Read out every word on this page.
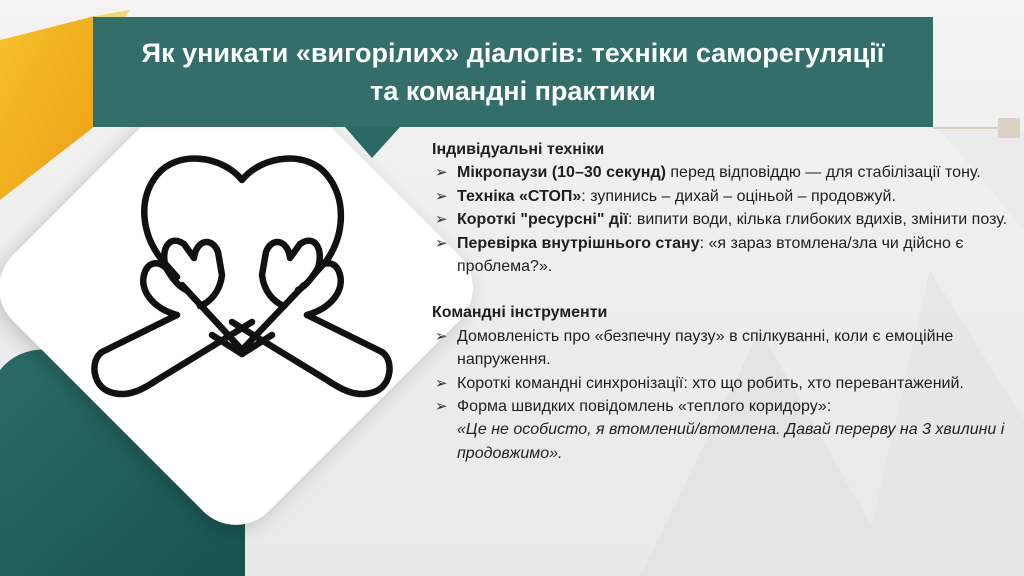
Як уникати «вигорілих» діалогів: техніки саморегуляції
та командні практики
Індивідуальні техніки
➢ Мікропаузи (10–30 секунд) перед відповіддю — для стабілізації тону.
➢ Техніка «СТОП»: зупинись – дихай – оціньой – продовжуй.
➢ Короткі "ресурсні" дії: випити води, кілька глибоких вдихів, змінити позу.
➢ Перевірка внутрішнього стану: «я зараз втомлена/зла чи дійсно є проблема?».
Командні інструменти
➢ Домовленість про «безпечну паузу» в спілкуванні, коли є емоційне напруження.
➢ Короткі командні синхронізації: хто що робить, хто перевантажений.
➢ Форма швидких повідомлень «теплого коридору»:
«Це не особисто, я втомлений/втомлена. Давай перерву на 3 хвилини і продовжимо».
